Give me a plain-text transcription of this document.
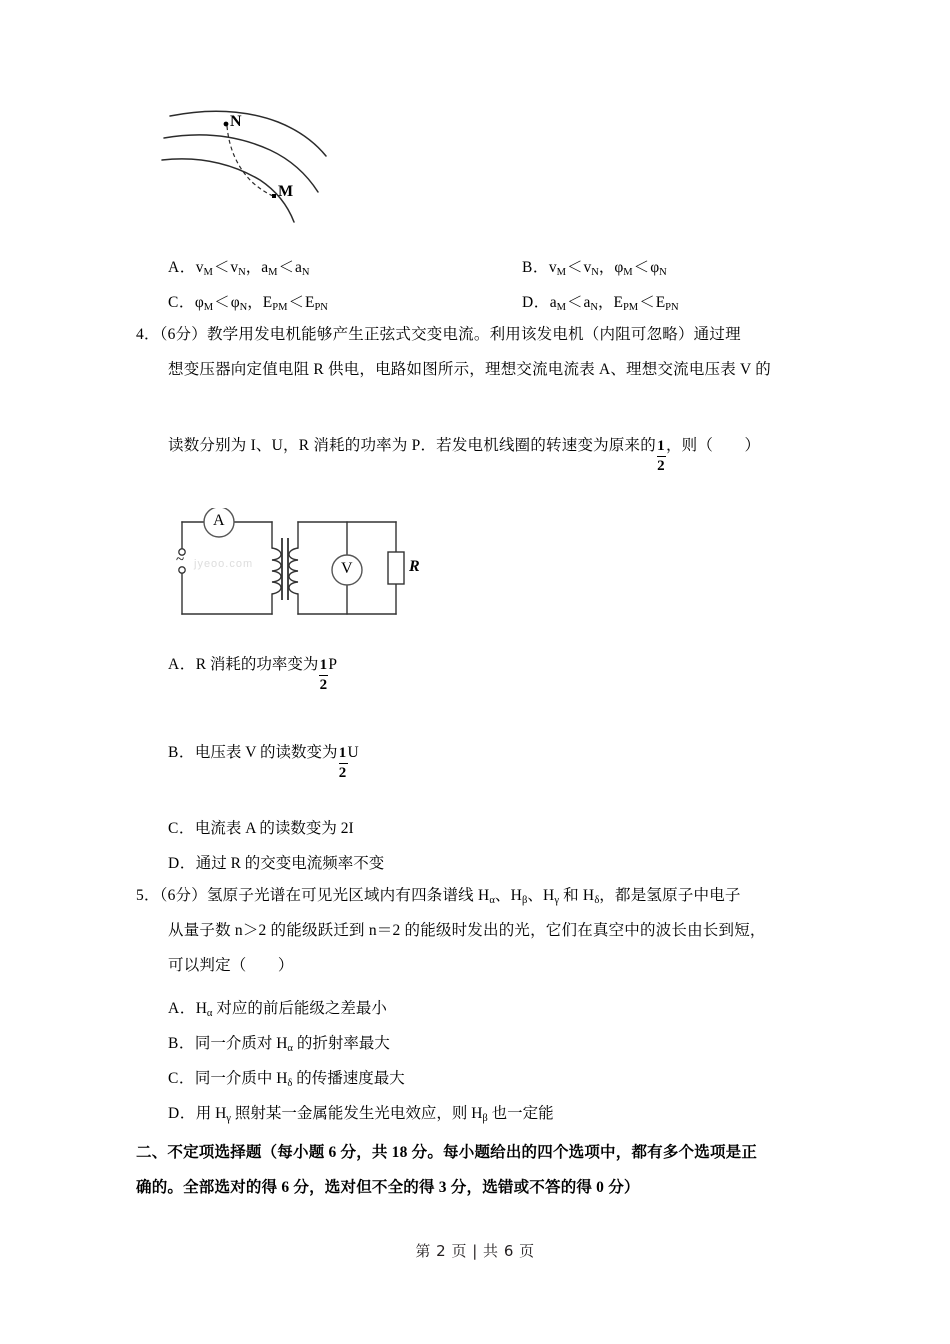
N
M
A．$v_M<v_N$，$a_M<a_N$	B．$v_M<v_N$，$\varphi_M<\varphi_N$
C．$\varphi_M<\varphi_N$，$E_{PM}<E_{PN}$	D．$a_M<a_N$，$E_{PM}<E_{PN}$
4．（6分）教学用发电机能够产生正弦式交变电流。利用该发电机（内阻可忽略）通过理
想变压器向定值电阻 R 供电，电路如图所示，理想交流电流表 A、理想交流电压表 V 的
读数分别为 I、U，R 消耗的功率为 P．若发电机线圈的转速变为原来的 $\frac{1}{2}$ ，则（　　）
A
V	R
~ jyeoo.com
A．R 消耗的功率变为 $\frac{1}{2}$ P
B．电压表 V 的读数变为 $\frac{1}{2}$ U
C．电流表 A 的读数变为 2I
D．通过 R 的交变电流频率不变
5．（6分）氢原子光谱在可见光区域内有四条谱线 $H_\alpha$、$H_\beta$、$H_\gamma$ 和 $H_\delta$，都是氢原子中电子
从量子数 n＞2 的能级跃迁到 n＝2 的能级时发出的光，它们在真空中的波长由长到短，
可以判定（　　）
A．$H_\alpha$ 对应的前后能级之差最小
B．同一介质对 $H_\alpha$ 的折射率最大
C．同一介质中 $H_\delta$ 的传播速度最大
D．用 $H_\gamma$ 照射某一金属能发生光电效应，则 $H_\beta$ 也一定能
二、不定项选择题（每小题 6 分，共 18 分。每小题给出的四个选项中，都有多个选项是正
确的。全部选对的得 6 分，选对但不全的得 3 分，选错或不答的得 0 分）
第 2 页 | 共 6 页
